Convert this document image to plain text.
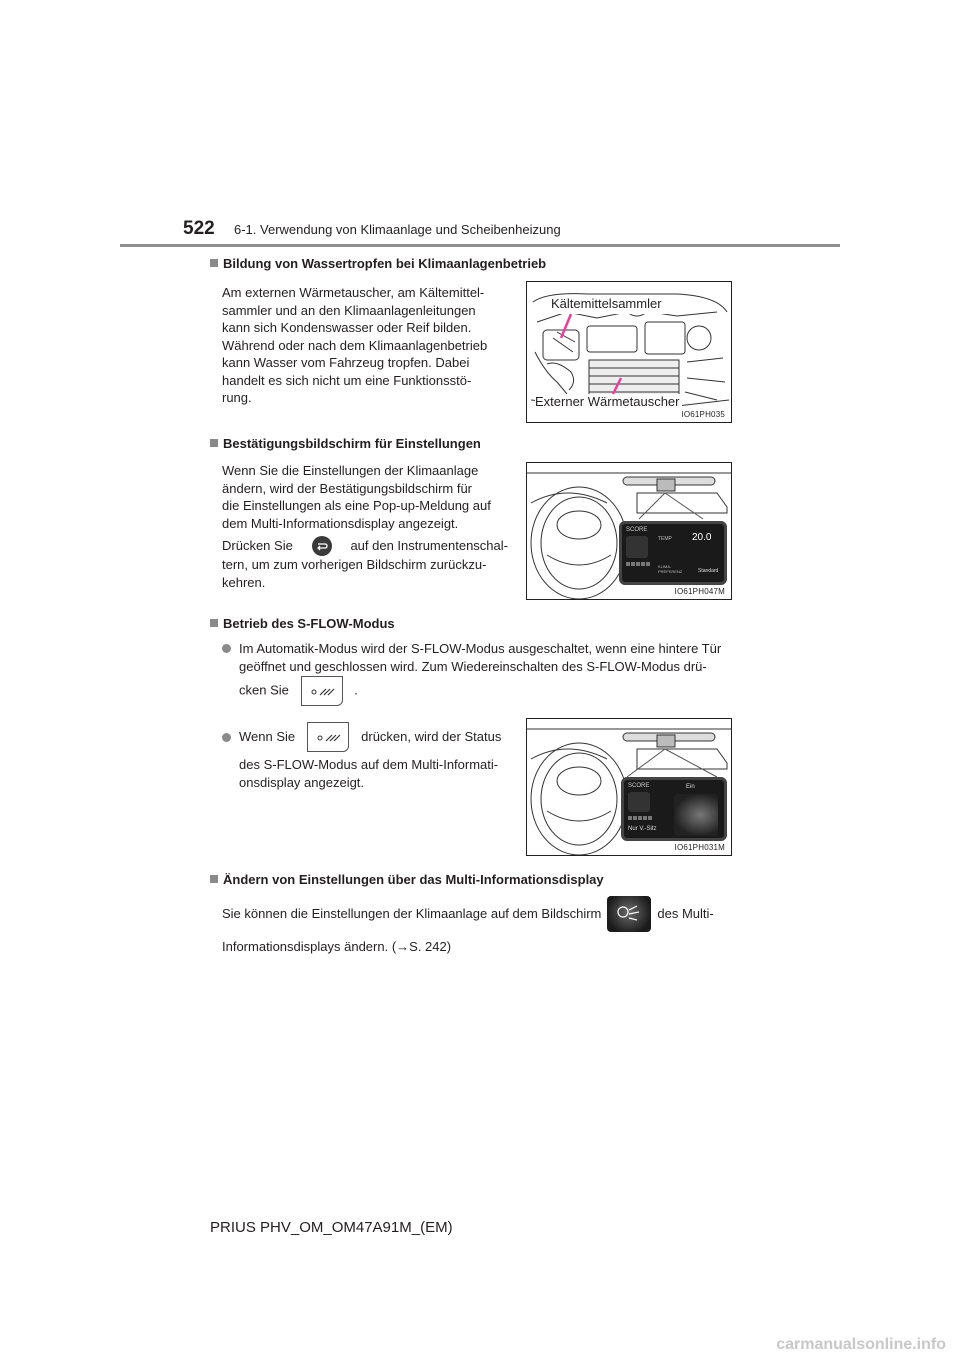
522 6-1. Verwendung von Klimaanlage und Scheibenheizung
Bildung von Wassertropfen bei Klimaanlagenbetrieb
Am externen Wärmetauscher, am Kältemittel-
sammler und an den Klimaanlagenleitungen
kann sich Kondenswasser oder Reif bilden.
Während oder nach dem Klimaanlagenbetrieb
kann Wasser vom Fahrzeug tropfen. Dabei
handelt es sich nicht um eine Funktionsstö-
rung.
Kältemittelsammler
Externer Wärmetauscher
IO61PH035
Bestätigungsbildschirm für Einstellungen
Wenn Sie die Einstellungen der Klimaanlage
ändern, wird der Bestätigungsbildschirm für
die Einstellungen als eine Pop-up-Meldung auf
dem Multi-Informationsdisplay angezeigt.
Drücken Sie	auf den Instrumentenschal-
tern, um zum vorherigen Bildschirm zurückzu-
kehren.
SCORE
TEMP 20.0
KLIMA-
PREFERENZ	Standard
IO61PH047M
Betrieb des S-FLOW-Modus
Im Automatik-Modus wird der S-FLOW-Modus ausgeschaltet, wenn eine hintere Tür
geöffnet und geschlossen wird. Zum Wiedereinschalten des S-FLOW-Modus drü-
cken Sie	.
Wenn Sie	drücken, wird der Status
des S-FLOW-Modus auf dem Multi-Informati-
onsdisplay angezeigt.	SCORE
Nur V.-Sitz
Ein
IO61PH031M
Ändern von Einstellungen über das Multi-Informationsdisplay
Sie können die Einstellungen der Klimaanlage auf dem Bildschirm	des Multi-
Informationsdisplays ändern. (→S. 242)
PRIUS PHV_OM_OM47A91M_(EM)
carmanualsonline.info
